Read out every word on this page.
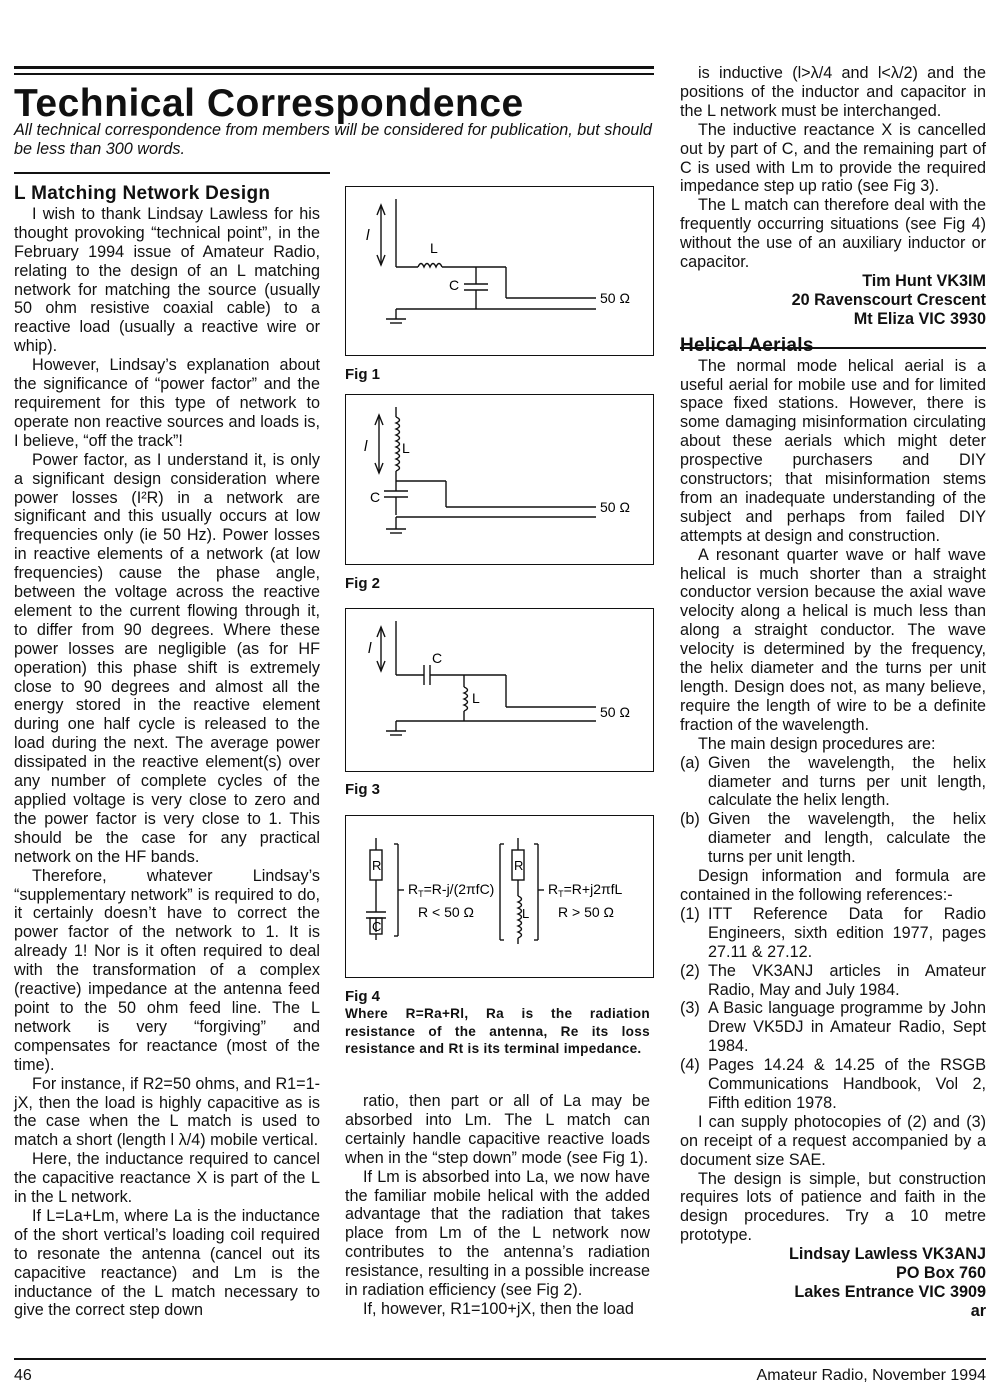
Technical Correspondence

All technical correspondence from members will be considered for publication, but should be less than 300 words.

L Matching Network Design

I wish to thank Lindsay Lawless for his thought provoking “technical point”, in the February 1994 issue of Amateur Radio, relating to the design of an L matching network for matching the source (usually 50 ohm resistive coaxial cable) to a reactive load (usually a reactive wire or whip).

However, Lindsay’s explanation about the significance of “power factor” and the requirement for this type of network to operate non reactive sources and loads is, I believe, “off the track”!

Power factor, as I understand it, is only a significant design consideration where power losses (I²R) in a network are significant and this usually occurs at low frequencies only (ie 50 Hz). Power losses in reactive elements of a network (at low frequencies) cause the phase angle, between the voltage across the reactive element to the current flowing through it, to differ from 90 degrees. Where these power losses are negligible (as for HF operation) this phase shift is extremely close to 90 degrees and almost all the energy stored in the reactive element during one half cycle is released to the load during the next. The average power dissipated in the reactive element(s) over any number of complete cycles of the applied voltage is very close to zero and the power factor is very close to 1. This should be the case for any practical network on the HF bands.

Therefore, whatever Lindsay’s “supplementary network” is required to do, it certainly doesn’t have to correct the power factor of the network to 1. It is already 1! Nor is it often required to deal with the transformation of a complex (reactive) impedance at the antenna feed point to the 50 ohm feed line. The L network is very “forgiving” and compensates for reactance (most of the time).

For instance, if R2=50 ohms, and R1=1-jX, then the load is highly capacitive as is the case when the L match is used to match a short (length l λ/4) mobile vertical.

Here, the inductance required to cancel the capacitive reactance X is part of the L in the L network.

If L=La+Lm, where La is the inductance of the short vertical’s loading coil required to resonate the antenna (cancel out its capacitive reactance) and Lm is the inductance of the L match necessary to give the correct step down

ratio, then part or all of La may be absorbed into Lm. The L match can certainly handle capacitive reactive loads when in the “step down” mode (see Fig 1).

If Lm is absorbed into La, we now have the familiar mobile helical with the added advantage that the radiation that takes place from Lm of the L network now contributes to the antenna’s radiation resistance, resulting in a possible increase in radiation efficiency (see Fig 2).

If, however, R1=100+jX, then the load

is inductive (l>λ/4 and l<λ/2) and the positions of the inductor and capacitor in the L network must be interchanged.

The inductive reactance X is cancelled out by part of C, and the remaining part of C is used with Lm to provide the required impedance step up ratio (see Fig 3).

The L match can therefore deal with the frequently occurring situations (see Fig 4) without the use of an auxiliary inductor or capacitor.

Tim Hunt VK3IM

20 Ravenscourt Crescent

Mt Eliza VIC 3930

Helical Aerials

The normal mode helical aerial is a useful aerial for mobile use and for limited space fixed stations. However, there is some damaging misinformation circulating about these aerials which might deter prospective purchasers and DIY constructors; that misinformation stems from an inadequate understanding of the subject and perhaps from failed DIY attempts at design and construction.

A resonant quarter wave or half wave helical is much shorter than a straight conductor version because the axial wave velocity along a helical is much less than along a straight conductor. The wave velocity is determined by the frequency, the helix diameter and the turns per unit length. Design does not, as many believe, require the length of wire to be a definite fraction of the wavelength.

The main design procedures are:

(a) Given the wavelength, the helix diameter and turns per unit length, calculate the helix length.
(b) Given the wavelength, the helix diameter and length, calculate the turns per unit length.

Design information and formula are contained in the following references:-

(1) ITT Reference Data for Radio Engineers, sixth edition 1977, pages 27.11 & 27.12.
(2) The VK3ANJ articles in Amateur Radio, May and July 1984.
(3) A Basic language programme by John Drew VK5DJ in Amateur Radio, Sept 1984.
(4) Pages 14.24 & 14.25 of the RSGB Communications Handbook, Vol 2, Fifth edition 1978.

I can supply photocopies of (2) and (3) on receipt of a request accompanied by a document size SAE.

The design is simple, but construction requires lots of patience and faith in the design procedures. Try a 10 metre prototype.

Lindsay Lawless VK3ANJ

PO Box 760

Lakes Entrance VIC 3909

ar

l
L
C
50 Ω
Fig 1
l L
C
50 Ω
Fig 2
l
C
L
50 Ω
Fig 3
R
C
$R_T=R-j/(2\pi fC)$
R < 50 Ω
R
L
$R_T=R+j2\pi fL$
R > 50 Ω
Fig 4
Where R=Ra+Rl, Ra is the radiation resistance of the antenna, Re its loss resistance and Rt is its terminal impedance.
46	Amateur Radio, November 1994
